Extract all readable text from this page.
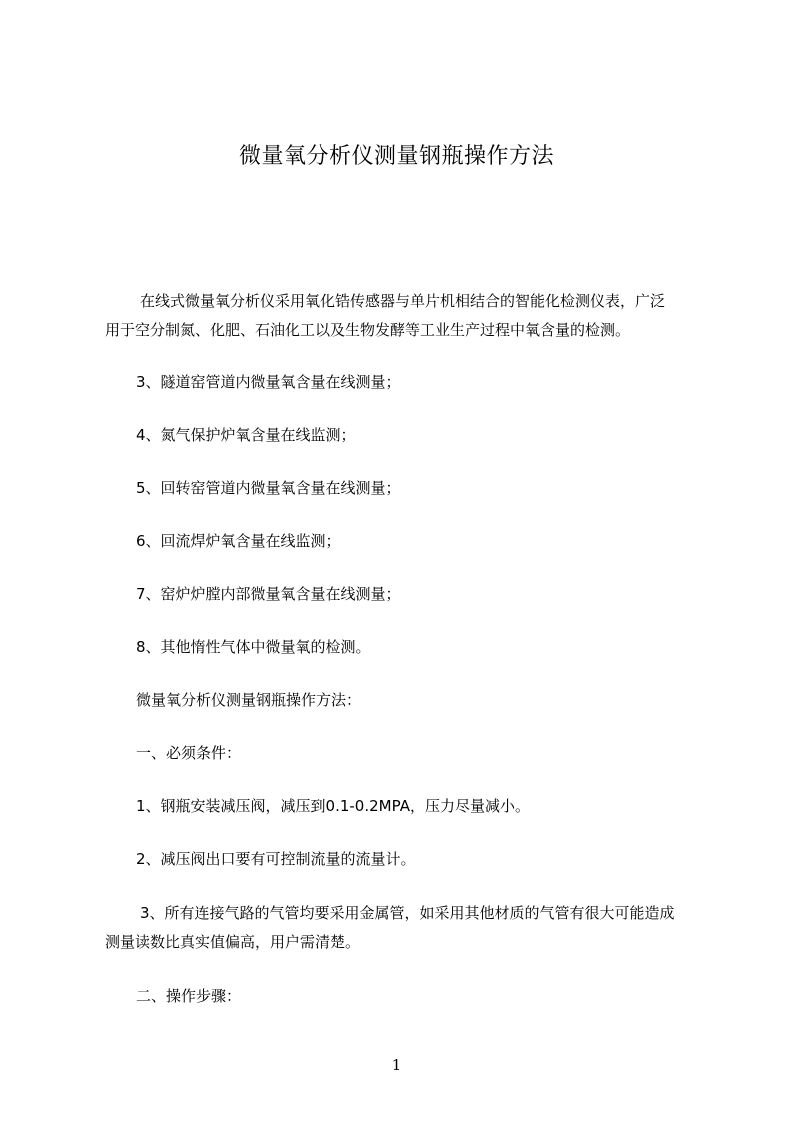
微量氧分析仪测量钢瓶操作方法
在线式微量氧分析仪采用氧化锆传感器与单片机相结合的智能化检测仪表，广泛
用于空分制氮、化肥、石油化工以及生物发酵等工业生产过程中氧含量的检测。
3、隧道窑管道内微量氧含量在线测量；
4、氮气保护炉氧含量在线监测；
5、回转窑管道内微量氧含量在线测量；
6、回流焊炉氧含量在线监测；
7、窑炉炉膛内部微量氧含量在线测量；
8、其他惰性气体中微量氧的检测。
微量氧分析仪测量钢瓶操作方法：
一、必须条件：
1、钢瓶安装减压阀，减压到0.1-0.2MPA，压力尽量减小。
2、减压阀出口要有可控制流量的流量计。
3、所有连接气路的气管均要采用金属管，如采用其他材质的气管有很大可能造成
测量读数比真实值偏高，用户需清楚。
二、操作步骤：
1
